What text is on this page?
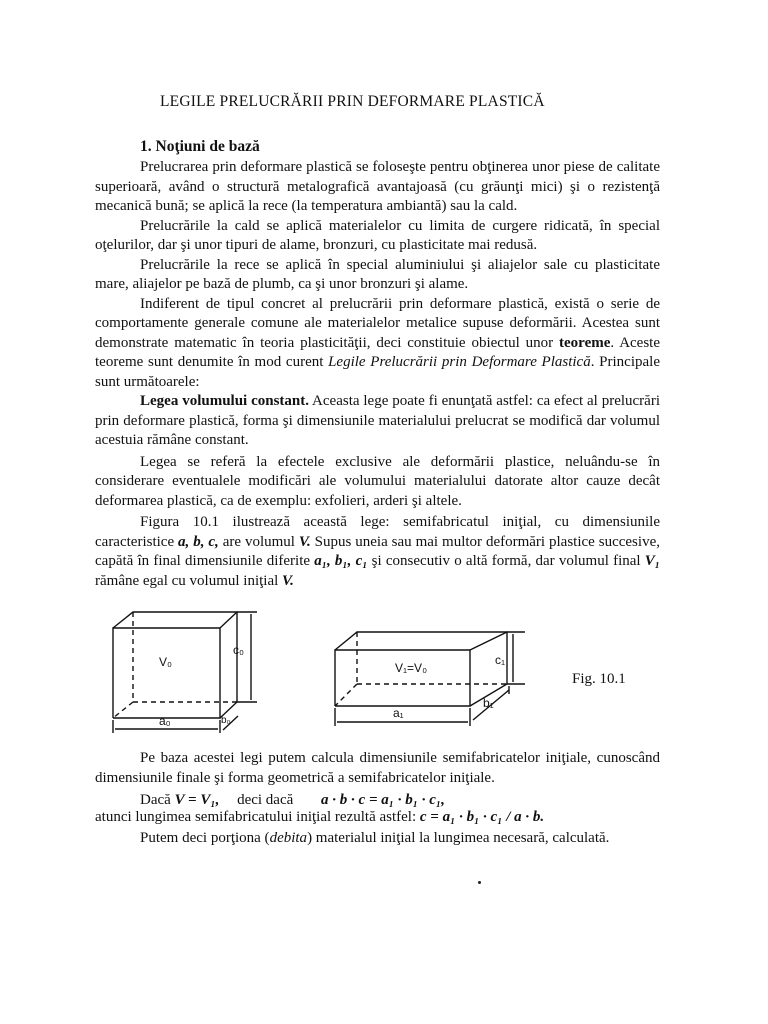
LEGILE PRELUCRĂRII PRIN DEFORMARE PLASTICĂ
1. Noţiuni de bază

Prelucrarea prin deformare plastică se foloseşte pentru obţinerea unor piese de calitate superioară, având o structură metalografică avantajoasă (cu grăunţi mici) şi o rezistenţă mecanică bună; se aplică la rece (la temperatura ambiantă) sau la cald.

Prelucrările la cald se aplică materialelor cu limita de curgere ridicată, în special oţelurilor, dar şi unor tipuri de alame, bronzuri, cu plasticitate mai redusă.

Prelucrările la rece se aplică în special aluminiului şi aliajelor sale cu plasticitate mare, aliajelor pe bază de plumb, ca şi unor bronzuri şi alame.

Indiferent de tipul concret al prelucrării prin deformare plastică, există o serie de comportamente generale comune ale materialelor metalice supuse deformării. Acestea sunt demonstrate matematic în teoria plasticităţii, deci constituie obiectul unor teoreme. Aceste teoreme sunt denumite în mod curent Legile Prelucrării prin Deformare Plastică. Principale sunt următoarele:

Legea volumului constant. Aceasta lege poate fi enunţată astfel: ca efect al prelucrări prin deformare plastică, forma şi dimensiunile materialului prelucrat se modifică dar volumul acestuia rămâne constant.

Legea se referă la efectele exclusive ale deformării plastice, neluându-se în considerare eventualele modificări ale volumului materialului datorate altor cauze decât deformarea plastică, ca de exemplu: exfolieri, arderi şi altele.

Figura 10.1 ilustrează această lege: semifabricatul iniţial, cu dimensiunile caracteristice a, b, c, are volumul V. Supus uneia sau mai multor deformări plastice succesive, capătă în final dimensiunile diferite a₁, b₁, c₁ şi consecutiv o altă formă, dar volumul final V₁ rămâne egal cu volumul iniţial V.

V₀
c₀
a₀	b₀
V₁=V₀
c₁
a₁
b₁
Fig. 10.1

Pe baza acestei legi putem calcula dimensiunile semifabricatelor iniţiale, cunoscând dimensiunile finale şi forma geometrică a semifabricatelor iniţiale.

Dacă V = V₁, deci dacă a · b · c = a₁ · b₁ · c₁,
atunci lungimea semifabricatului iniţial rezultă astfel: c = a₁ · b₁ · c₁ / a · b.

Putem deci porţiona (debita) materialul iniţial la lungimea necesară, calculată.
